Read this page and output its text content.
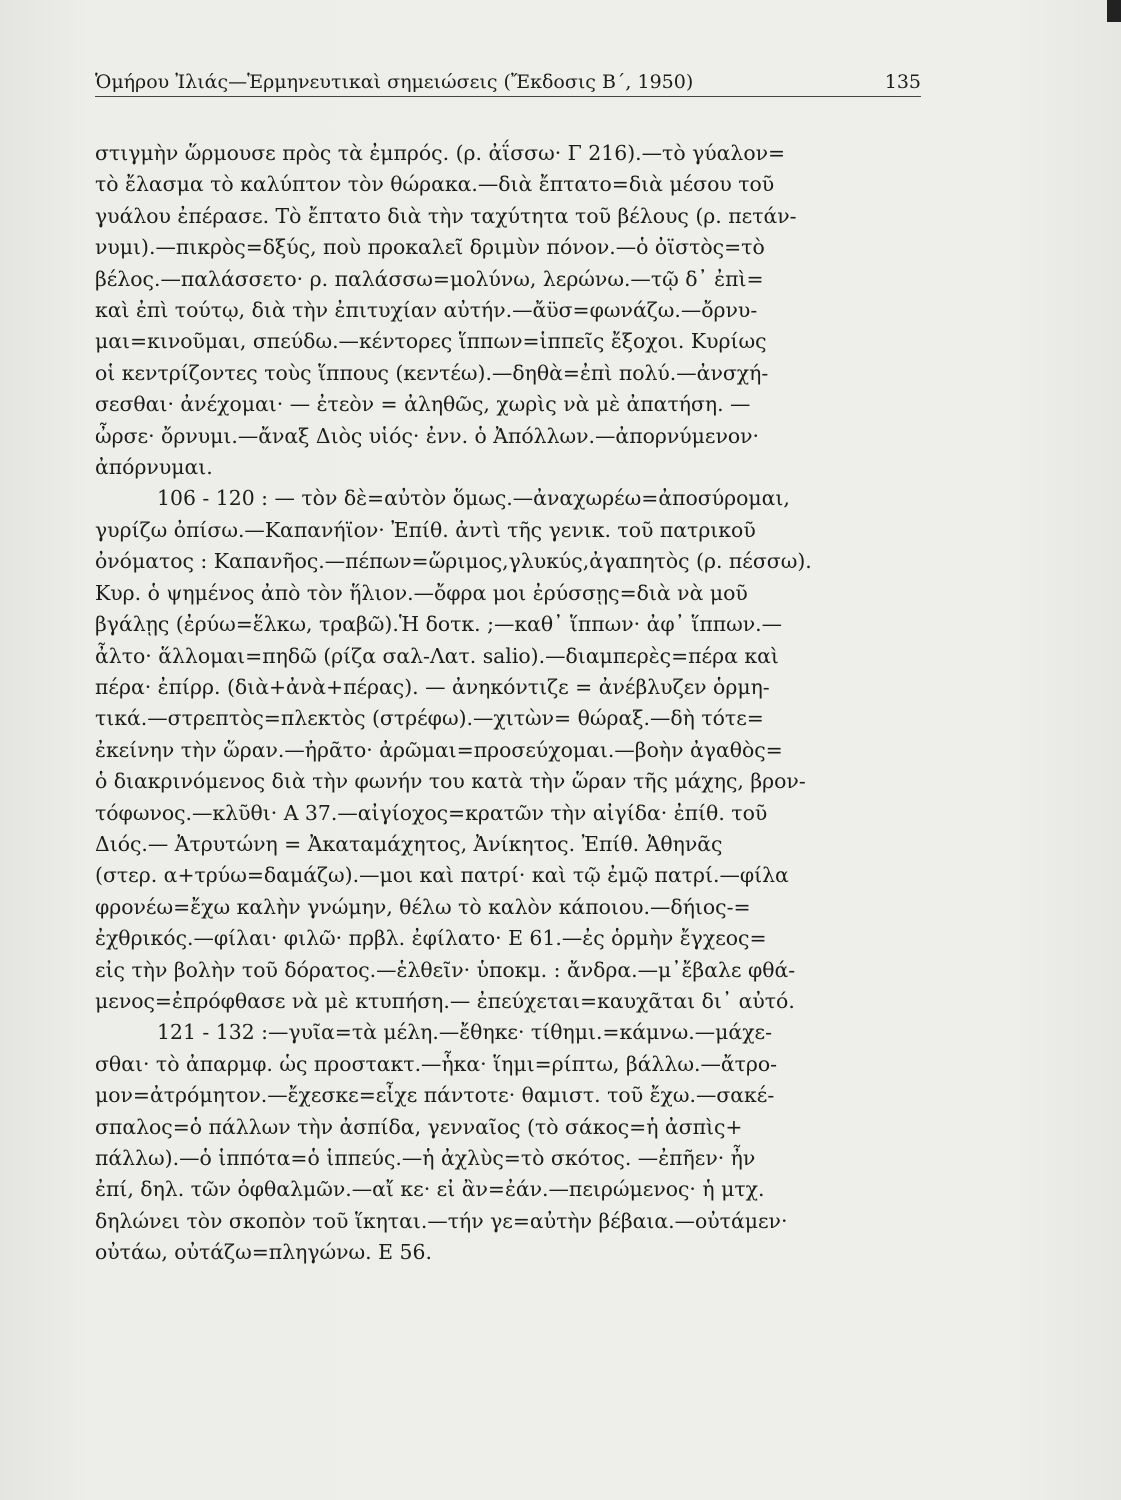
Ὁμήρου Ἰλιάς—Ἑρμηνευτικαὶ σημειώσεις (Ἔκδοσις Β΄, 1950)	135
στιγμὴν ὥρμουσε πρὸς τὰ ἐμπρός. (ρ. ἀΐσσω· Γ 216).—τὸ γύαλον=
τὸ ἔλασμα τὸ καλύπτον τὸν θώρακα.—διὰ ἔπτατο=διὰ μέσου τοῦ
γυάλου ἐπέρασε. Τὸ ἔπτατο διὰ τὴν ταχύτητα τοῦ βέλους (ρ. πετάν-
νυμι).—πικρὸς=δξύς, ποὺ προκαλεῖ δριμὺν πόνον.—ὁ ὀϊστὸς=τὸ
βέλος.—παλάσσετο· ρ. παλάσσω=μολύνω, λερώνω.—τῷ δ᾿ ἐπὶ=
καὶ ἐπὶ τούτῳ, διὰ τὴν ἐπιτυχίαν αὐτήν.—ἄϋσ=φωνάζω.—ὄρνυ-
μαι=κινοῦμαι, σπεύδω.—κέντορες ἵππων=ἱππεῖς ἔξοχοι. Κυρίως
οἱ κεντρίζοντες τοὺς ἵππους (κεντέω).—δηθὰ=ἐπὶ πολύ.—ἀνσχή-
σεσθαι· ἀνέχομαι· — ἐτεὸν = ἀληθῶς, χωρὶς νὰ μὲ ἀπατήση. —
ὦρσε· ὄρνυμι.—ἄναξ Διὸς υἱός· ἐνν. ὁ Ἀπόλλων.—ἀπορνύμενον·
ἀπόρνυμαι.
106 - 120 : — τὸν δὲ=αὐτὸν ὅμως.—ἀναχωρέω=ἀποσύρομαι,
γυρίζω ὀπίσω.—Καπανήϊον· Ἐπίθ. ἀντὶ τῆς γενικ. τοῦ πατρικοῦ
ὀνόματος : Καπανῆος.—πέπων=ὥριμος,γλυκύς,ἀγαπητὸς (ρ. πέσσω).
Κυρ. ὁ ψημένος ἀπὸ τὸν ἥλιον.—ὄφρα μοι ἐρύσσῃς=διὰ νὰ μοῦ
βγάλῃς (ἐρύω=ἕλκω, τραβῶ).Ἡ δοτκ. ;—καθ᾿ ἵππων· ἀφ᾿ ἵππων.—
ἆλτο· ἅλλομαι=πηδῶ (ρίζα σαλ-Λατ. salio).—διαμπερὲς=πέρα καὶ
πέρα· ἐπίρρ. (διὰ+ἀνὰ+πέρας). — ἀνηκόντιζε = ἀνέβλυζεν ὁρμη-
τικά.—στρεπτὸς=πλεκτὸς (στρέφω).—χιτὼν= θώραξ.—δὴ τότε=
ἐκείνην τὴν ὥραν.—ἠρᾶτο· ἀρῶμαι=προσεύχομαι.—βοὴν ἀγαθὸς=
ὁ διακρινόμενος διὰ τὴν φωνήν του κατὰ τὴν ὥραν τῆς μάχης, βρον-
τόφωνος.—κλῦθι· Α 37.—αἰγίοχος=κρατῶν τὴν αἰγίδα· ἐπίθ. τοῦ
Διός.— Ἀτρυτώνη = Ἀκαταμάχητος, Ἀνίκητος. Ἐπίθ. Ἀθηνᾶς
(στερ. α+τρύω=δαμάζω).—μοι καὶ πατρί· καὶ τῷ ἐμῷ πατρί.—φίλα
φρονέω=ἔχω καλὴν γνώμην, θέλω τὸ καλὸν κάποιου.—δήιος-=
ἐχθρικός.—φίλαι· φιλῶ· πρβλ. ἐφίλατο· Ε 61.—ἐς ὁρμὴν ἔγχεος=
εἰς τὴν βολὴν τοῦ δόρατος.—ἑλθεῖν· ὑποκμ. : ἄνδρα.—μ᾿ἔβαλε φθά-
μενος=ἐπρόφθασε νὰ μὲ κτυπήση.— ἐπεύχεται=καυχᾶται δι᾿ αὐτό.
121 - 132 :—γυῖα=τὰ μέλη.—ἔθηκε· τίθημι.=κάμνω.—μάχε-
σθαι· τὸ ἀπαρμφ. ὡς προστακτ.—ἧκα· ἵημι=ρίπτω, βάλλω.—ἄτρο-
μον=ἀτρόμητον.—ἔχεσκε=εἶχε πάντοτε· θαμιστ. τοῦ ἔχω.—σακέ-
σπαλος=ὁ πάλλων τὴν ἀσπίδα, γενναῖος (τὸ σάκος=ἡ ἀσπὶς+
πάλλω).—ὁ ἱππότα=ὁ ἱππεύς.—ἡ ἀχλὺς=τὸ σκότος. —ἐπῆεν· ἦν
ἐπί, δηλ. τῶν ὀφθαλμῶν.—αἴ κε· εἰ ἂν=ἐάν.—πειρώμενος· ἡ μτχ.
δηλώνει τὸν σκοπὸν τοῦ ἵκηται.—τήν γε=αὐτὴν βέβαια.—οὐτάμεν·
οὐτάω, οὐτάζω=πληγώνω. Ε 56.
